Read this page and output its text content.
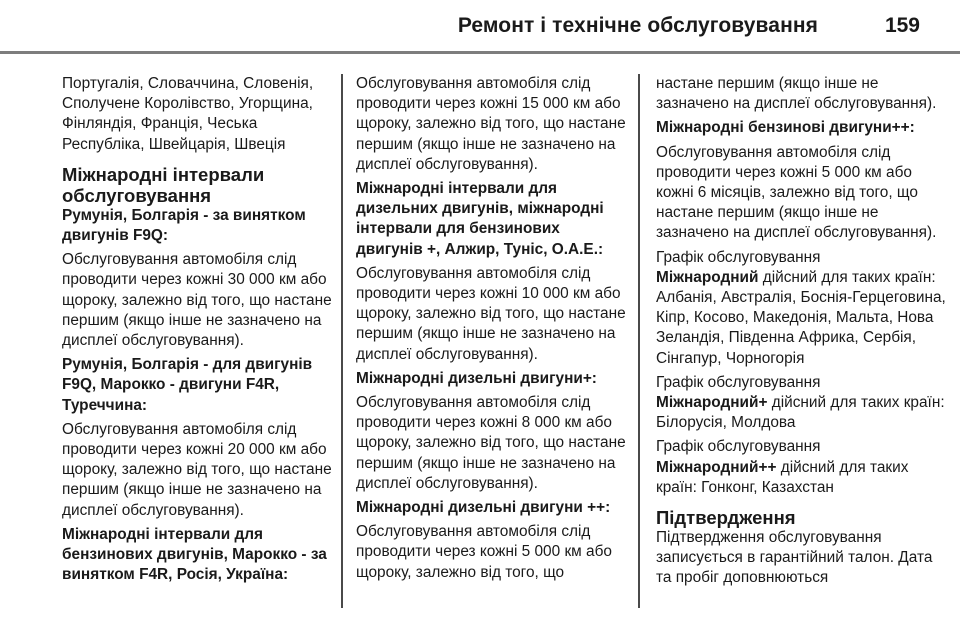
Ремонт і технічне обслуговування	159

Португалія, Словаччина, Словенія, Сполучене Королівство, Угорщина, Фінляндія, Франція, Чеська Республіка, Швейцарія, Швеція

Міжнародні інтервали обслуговування

Румунія, Болгарія - за винятком двигунів F9Q:

Обслуговування автомобіля слід проводити через кожні 30 000 км або щороку, залежно від того, що настане першим (якщо інше не зазначено на дисплеї обслуговування).

Румунія, Болгарія - для двигунів F9Q, Марокко - двигуни F4R, Туреччина:

Обслуговування автомобіля слід проводити через кожні 20 000 км або щороку, залежно від того, що настане першим (якщо інше не зазначено на дисплеї обслуговування).

Міжнародні інтервали для бензинових двигунів, Марокко - за винятком F4R, Росія, Україна:

Обслуговування автомобіля слід проводити через кожні 15 000 км або щороку, залежно від того, що настане першим (якщо інше не зазначено на дисплеї обслуговування).

Міжнародні інтервали для дизельних двигунів, міжнародні інтервали для бензинових двигунів +, Алжир, Туніс, О.А.Е.:

Обслуговування автомобіля слід проводити через кожні 10 000 км або щороку, залежно від того, що настане першим (якщо інше не зазначено на дисплеї обслуговування).

Міжнародні дизельні двигуни+:

Обслуговування автомобіля слід проводити через кожні 8 000 км або щороку, залежно від того, що настане першим (якщо інше не зазначено на дисплеї обслуговування).

Міжнародні дизельні двигуни ++:

Обслуговування автомобіля слід проводити через кожні 5 000 км або щороку, залежно від того, що

настане першим (якщо інше не зазначено на дисплеї обслуговування).

Міжнародні бензинові двигуни++:

Обслуговування автомобіля слід проводити через кожні 5 000 км або кожні 6 місяців, залежно від того, що настане першим (якщо інше не зазначено на дисплеї обслуговування).

Графік обслуговування
Міжнародний дійсний для таких країн: Албанія, Австралія, Боснія-Герцеговина, Кіпр, Косово, Македонія, Мальта, Нова Зеландія, Південна Африка, Сербія, Сінгапур, Чорногорія

Графік обслуговування
Міжнародний+ дійсний для таких країн: Білорусія, Молдова

Графік обслуговування
Міжнародний++ дійсний для таких країн: Гонконг, Казахстан

Підтвердження

Підтвердження обслуговування записується в гарантійний талон. Дата та пробіг доповнюються
